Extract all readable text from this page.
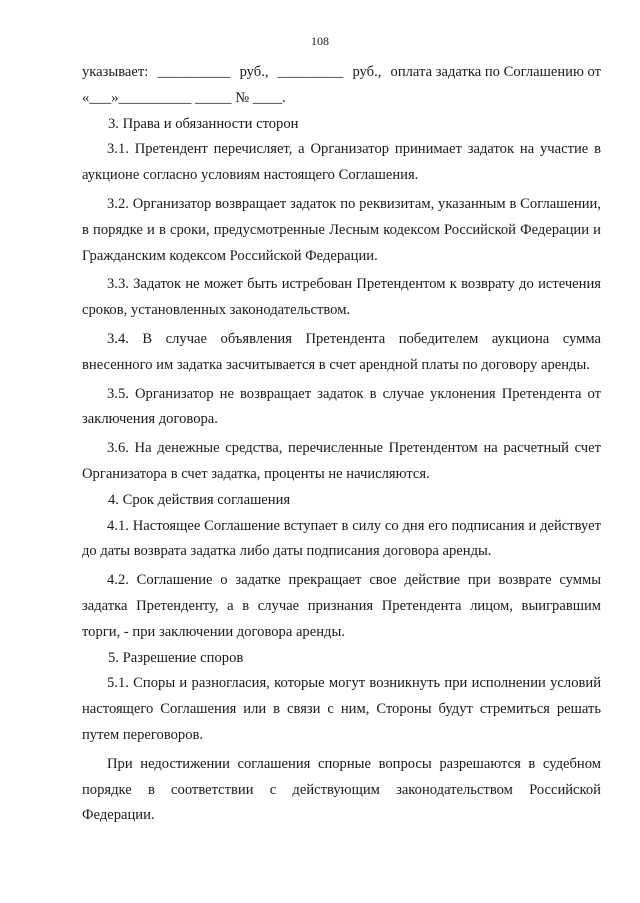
108
указывает: __________ руб., _________ руб., оплата задатка по Соглашению от
«___»__________ _____ № ____.

3. Права и обязанности сторон

3.1. Претендент перечисляет, а Организатор принимает задаток на участие в аукционе согласно условиям настоящего Соглашения.

3.2. Организатор возвращает задаток по реквизитам, указанным в Соглашении, в порядке и в сроки, предусмотренные Лесным кодексом Российской Федерации и Гражданским кодексом Российской Федерации.

3.3. Задаток не может быть истребован Претендентом к возврату до истечения сроков, установленных законодательством.

3.4. В случае объявления Претендента победителем аукциона сумма внесенного им задатка засчитывается в счет арендной платы по договору аренды.

3.5. Организатор не возвращает задаток в случае уклонения Претендента от заключения договора.

3.6. На денежные средства, перечисленные Претендентом на расчетный счет Организатора в счет задатка, проценты не начисляются.

4. Срок действия соглашения

4.1. Настоящее Соглашение вступает в силу со дня его подписания и действует до даты возврата задатка либо даты подписания договора аренды.

4.2. Соглашение о задатке прекращает свое действие при возврате суммы задатка Претенденту, а в случае признания Претендента лицом, выигравшим торги, - при заключении договора аренды.

5. Разрешение споров

5.1. Споры и разногласия, которые могут возникнуть при исполнении условий настоящего Соглашения или в связи с ним, Стороны будут стремиться решать путем переговоров.

При недостижении соглашения спорные вопросы разрешаются в судебном порядке в соответствии с действующим законодательством Российской Федерации.
